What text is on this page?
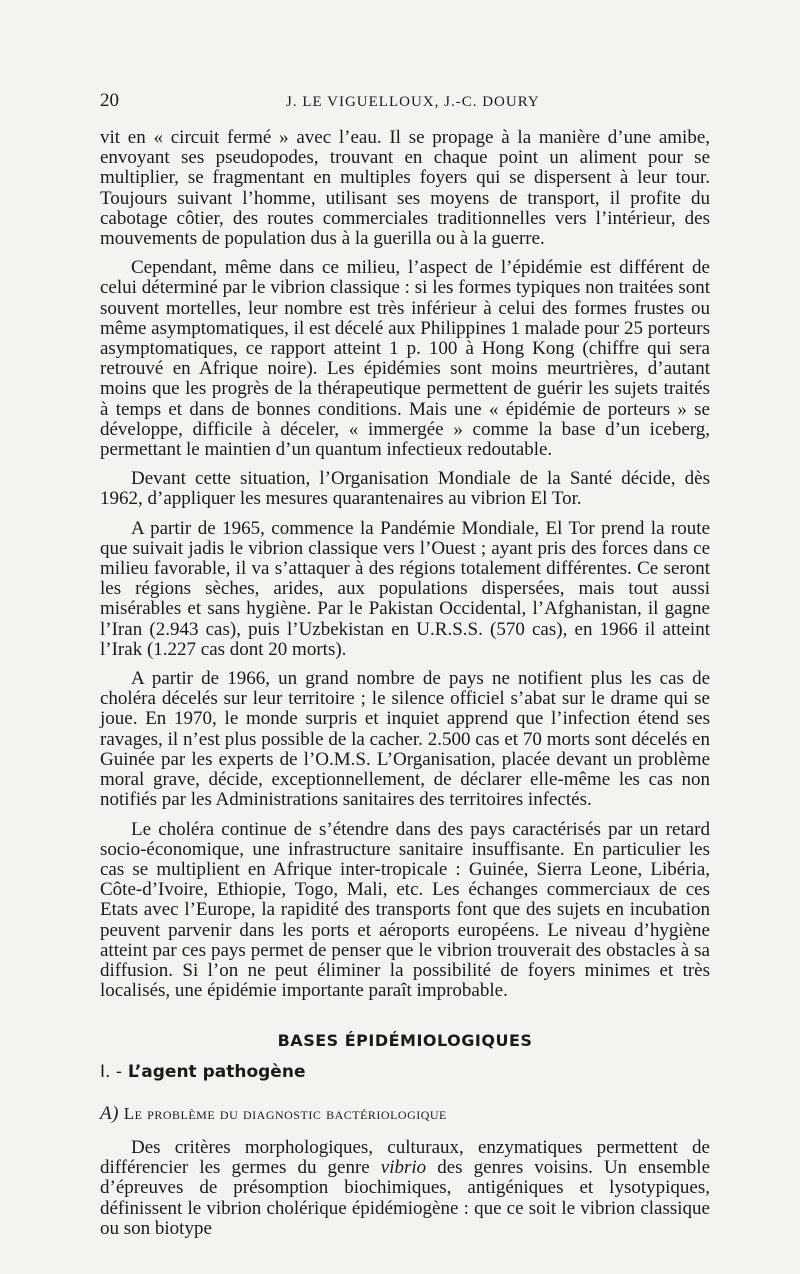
20	J. LE VIGUELLOUX, J.-C. DOURY

vit en « circuit fermé » avec l’eau. Il se propage à la manière d’une amibe, envoyant ses pseudopodes, trouvant en chaque point un aliment pour se multiplier, se fragmentant en multiples foyers qui se dispersent à leur tour. Toujours suivant l’homme, utilisant ses moyens de transport, il profite du cabotage côtier, des routes commerciales traditionnelles vers l’intérieur, des mouvements de population dus à la guerilla ou à la guerre.

Cependant, même dans ce milieu, l’aspect de l’épidémie est différent de celui déterminé par le vibrion classique : si les formes typiques non traitées sont souvent mortelles, leur nombre est très inférieur à celui des formes frustes ou même asymptomatiques, il est décelé aux Philippines 1 malade pour 25 porteurs asymptomatiques, ce rapport atteint 1 p. 100 à Hong Kong (chiffre qui sera retrouvé en Afrique noire). Les épidémies sont moins meurtrières, d’autant moins que les progrès de la thérapeutique permettent de guérir les sujets traités à temps et dans de bonnes conditions. Mais une « épidémie de porteurs » se développe, difficile à déceler, « immergée » comme la base d’un iceberg, permettant le maintien d’un quantum infectieux redoutable.

Devant cette situation, l’Organisation Mondiale de la Santé décide, dès 1962, d’appliquer les mesures quarantenaires au vibrion El Tor.

A partir de 1965, commence la Pandémie Mondiale, El Tor prend la route que suivait jadis le vibrion classique vers l’Ouest ; ayant pris des forces dans ce milieu favorable, il va s’attaquer à des régions totalement différentes. Ce seront les régions sèches, arides, aux populations dispersées, mais tout aussi misérables et sans hygiène. Par le Pakistan Occidental, l’Afghanistan, il gagne l’Iran (2.943 cas), puis l’Uzbekistan en U.R.S.S. (570 cas), en 1966 il atteint l’Irak (1.227 cas dont 20 morts).

A partir de 1966, un grand nombre de pays ne notifient plus les cas de choléra décelés sur leur territoire ; le silence officiel s’abat sur le drame qui se joue. En 1970, le monde surpris et inquiet apprend que l’infection étend ses ravages, il n’est plus possible de la cacher. 2.500 cas et 70 morts sont décelés en Guinée par les experts de l’O.M.S. L’Organisation, placée devant un problème moral grave, décide, exceptionnellement, de déclarer elle-même les cas non notifiés par les Administrations sanitaires des territoires infectés.

Le choléra continue de s’étendre dans des pays caractérisés par un retard socio-économique, une infrastructure sanitaire insuffisante. En particulier les cas se multiplient en Afrique inter-tropicale : Guinée, Sierra Leone, Libéria, Côte-d’Ivoire, Ethiopie, Togo, Mali, etc. Les échanges commerciaux de ces Etats avec l’Europe, la rapidité des transports font que des sujets en incubation peuvent parvenir dans les ports et aéroports européens. Le niveau d’hygiène atteint par ces pays permet de penser que le vibrion trouverait des obstacles à sa diffusion. Si l’on ne peut éliminer la possibilité de foyers minimes et très localisés, une épidémie importante paraît improbable.

BASES ÉPIDÉMIOLOGIQUES
I. - L’agent pathogène
A) Le problème du diagnostic bactériologique

Des critères morphologiques, culturaux, enzymatiques permettent de différencier les germes du genre vibrio des genres voisins. Un ensemble d’épreuves de présomption biochimiques, antigéniques et lysotypiques, définissent le vibrion cholérique épidémiogène : que ce soit le vibrion classique ou son biotype
